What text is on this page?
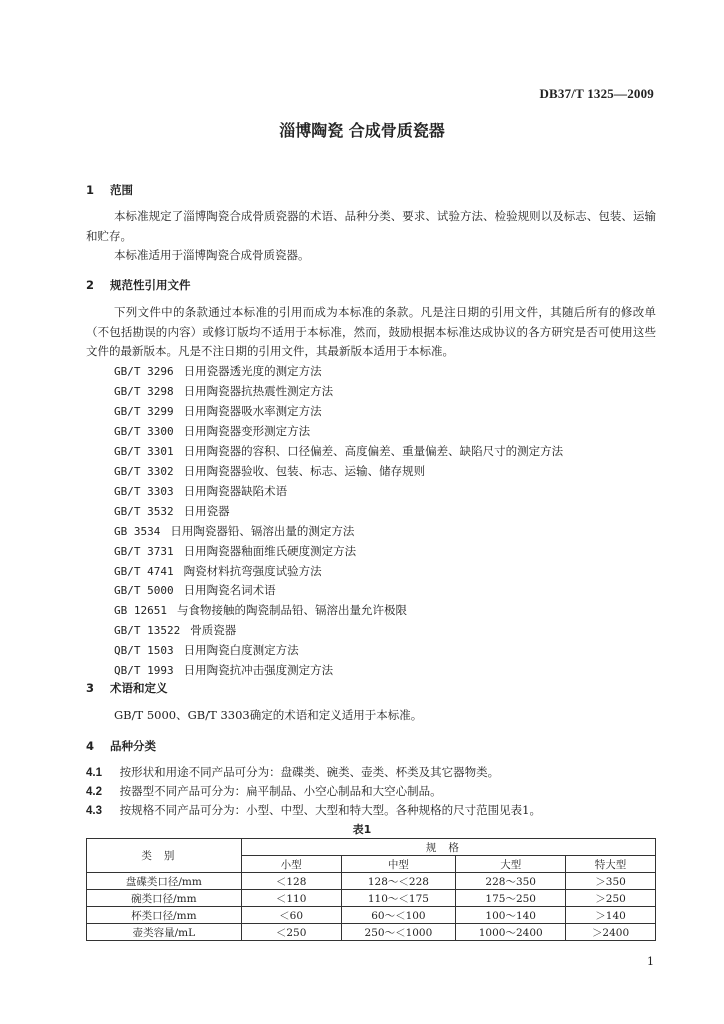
DB37/T 1325—2009
淄博陶瓷 合成骨质瓷器
1 范围

本标准规定了淄博陶瓷合成骨质瓷器的术语、品种分类、要求、试验方法、检验规则以及标志、包装、运输和贮存。

本标准适用于淄博陶瓷合成骨质瓷器。

2 规范性引用文件

下列文件中的条款通过本标准的引用而成为本标准的条款。凡是注日期的引用文件，其随后所有的修改单（不包括勘误的内容）或修订版均不适用于本标准，然而，鼓励根据本标准达成协议的各方研究是否可使用这些文件的最新版本。凡是不注日期的引用文件，其最新版本适用于本标准。

GB/T 3296 日用瓷器透光度的测定方法
GB/T 3298 日用陶瓷器抗热震性测定方法
GB/T 3299 日用陶瓷器吸水率测定方法
GB/T 3300 日用陶瓷器变形测定方法
GB/T 3301 日用陶瓷器的容积、口径偏差、高度偏差、重量偏差、缺陷尺寸的测定方法
GB/T 3302 日用陶瓷器验收、包装、标志、运输、储存规则
GB/T 3303 日用陶瓷器缺陷术语
GB/T 3532 日用瓷器
GB 3534 日用陶瓷器铅、镉溶出量的测定方法
GB/T 3731 日用陶瓷器釉面维氏硬度测定方法
GB/T 4741 陶瓷材料抗弯强度试验方法
GB/T 5000 日用陶瓷名词术语
GB 12651 与食物接触的陶瓷制品铅、镉溶出量允许极限
GB/T 13522 骨质瓷器
QB/T 1503 日用陶瓷白度测定方法
QB/T 1993 日用陶瓷抗冲击强度测定方法
3 术语和定义
GB/T 5000、GB/T 3303确定的术语和定义适用于本标准。
4 品种分类
4.1 按形状和用途不同产品可分为：盘碟类、碗类、壶类、杯类及其它器物类。
4.2 按器型不同产品可分为：扁平制品、小空心制品和大空心制品。
4.3 按规格不同产品可分为：小型、中型、大型和特大型。各种规格的尺寸范围见表1。
表1
类别	规格			
	小型	中型	大型	特大型
盘碟类口径/mm	＜128	128～＜228	228～350	＞350
碗类口径/mm	＜110	110～＜175	175～250	＞250
杯类口径/mm	＜60	60～＜100	100～140	＞140
壶类容量/mL	＜250	250～＜1000	1000～2400	＞2400
1
